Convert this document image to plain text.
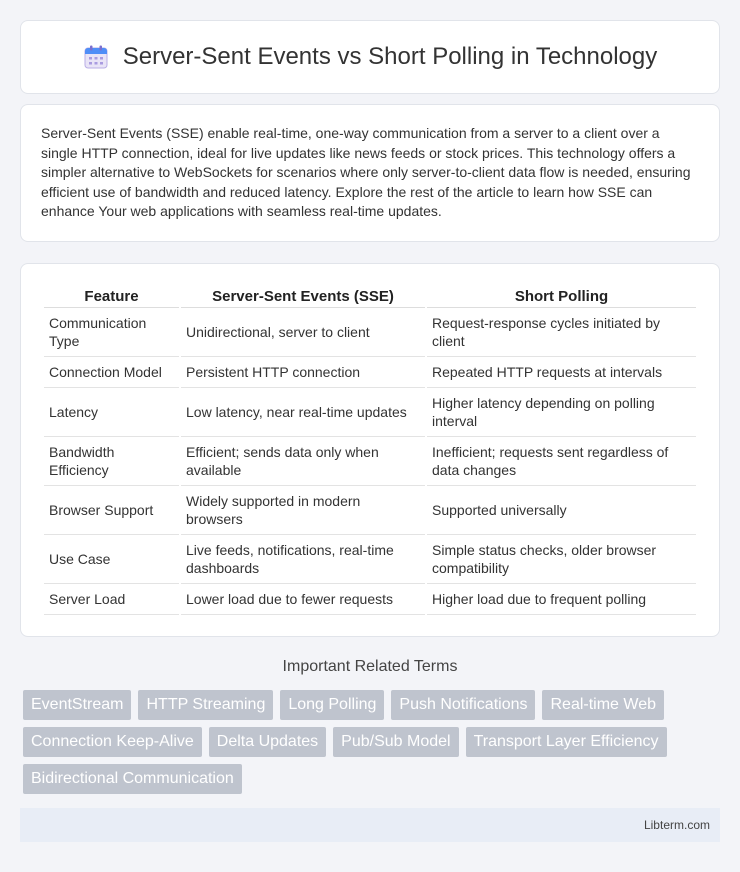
Server-Sent Events vs Short Polling in Technology

Server-Sent Events (SSE) enable real-time, one-way communication from a server to a client over a single HTTP connection, ideal for live updates like news feeds or stock prices. This technology offers a simpler alternative to WebSockets for scenarios where only server-to-client data flow is needed, ensuring efficient use of bandwidth and reduced latency. Explore the rest of the article to learn how SSE can enhance Your web applications with seamless real-time updates.

Feature	Server-Sent Events (SSE)	Short Polling
Communication Type	Unidirectional, server to client	Request-response cycles initiated by client
Connection Model	Persistent HTTP connection	Repeated HTTP requests at intervals
Latency	Low latency, near real-time updates	Higher latency depending on polling interval
Bandwidth Efficiency	Efficient; sends data only when available	Inefficient; requests sent regardless of data changes
Browser Support	Widely supported in modern browsers	Supported universally
Use Case	Live feeds, notifications, real-time dashboards	Simple status checks, older browser compatibility
Server Load	Lower load due to fewer requests	Higher load due to frequent polling
Important Related Terms
EventStream	HTTP Streaming	Long Polling	Push Notifications	Real-time Web
Connection Keep-Alive	Delta Updates	Pub/Sub Model	Transport Layer Efficiency
Bidirectional Communication
Libterm.com
